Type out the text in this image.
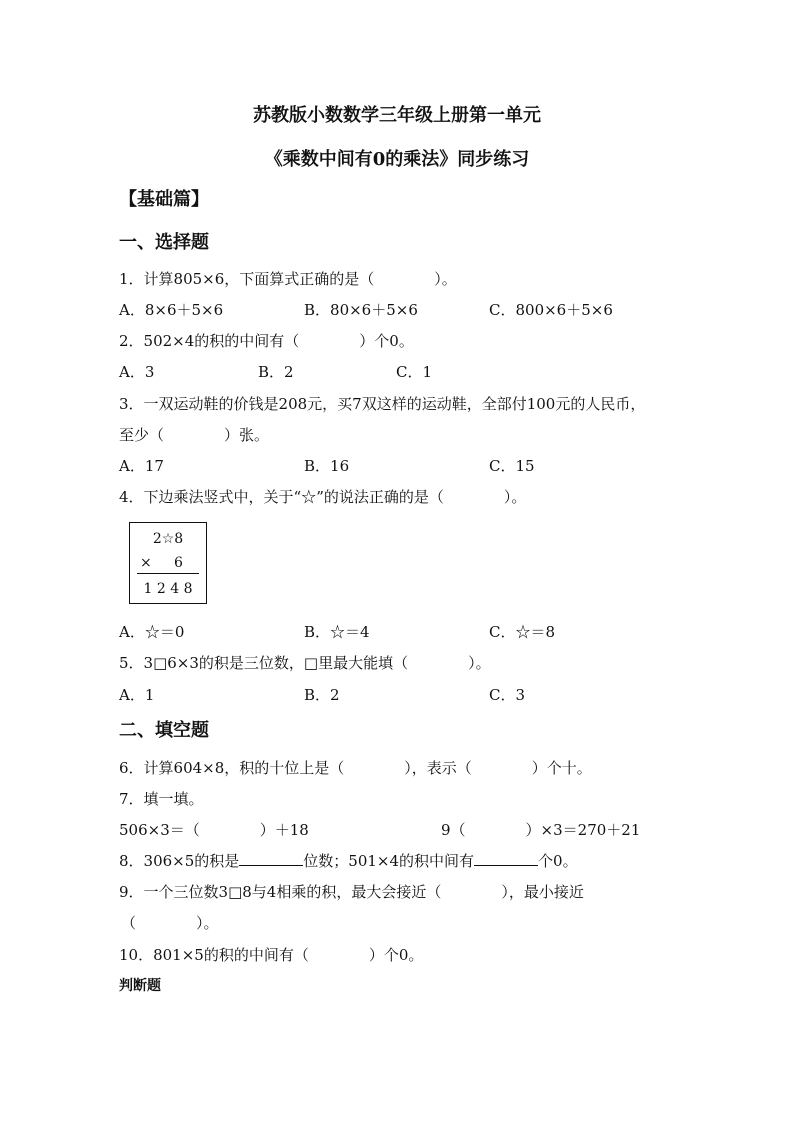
苏教版小数数学三年级上册第一单元
《乘数中间有0的乘法》同步练习
【基础篇】
一、选择题
1．计算805×6，下面算式正确的是（　　　　）。
A．8×6＋5×6	B．80×6＋5×6	C．800×6＋5×6
2．502×4的积的中间有（　　　　）个0。
A．3	B．2	C．1
3．一双运动鞋的价钱是208元，买7双这样的运动鞋，全部付100元的人民币，
至少（　　　　）张。
A．17	B．16	C．15
4．下边乘法竖式中，关于“☆”的说法正确的是（　　　　）。
2☆8
× 6
1 2 4 8
A．☆＝0	B．☆＝4	C．☆＝8
5．3□6×3的积是三位数，□里最大能填（　　　　）。
A．1	B．2	C．3
二、填空题
6．计算604×8，积的十位上是（　　　　），表示（　　　　）个十。
7．填一填。
506×3＝（　　　　）＋18	9（　　　　）×3＝270＋21
8．306×5的积是	位数；501×4的积中间有	个0。
9．一个三位数3□8与4相乘的积，最大会接近（　　　　），最小接近
（　　　　）。
10．801×5的积的中间有（　　　　）个0。
判断题
